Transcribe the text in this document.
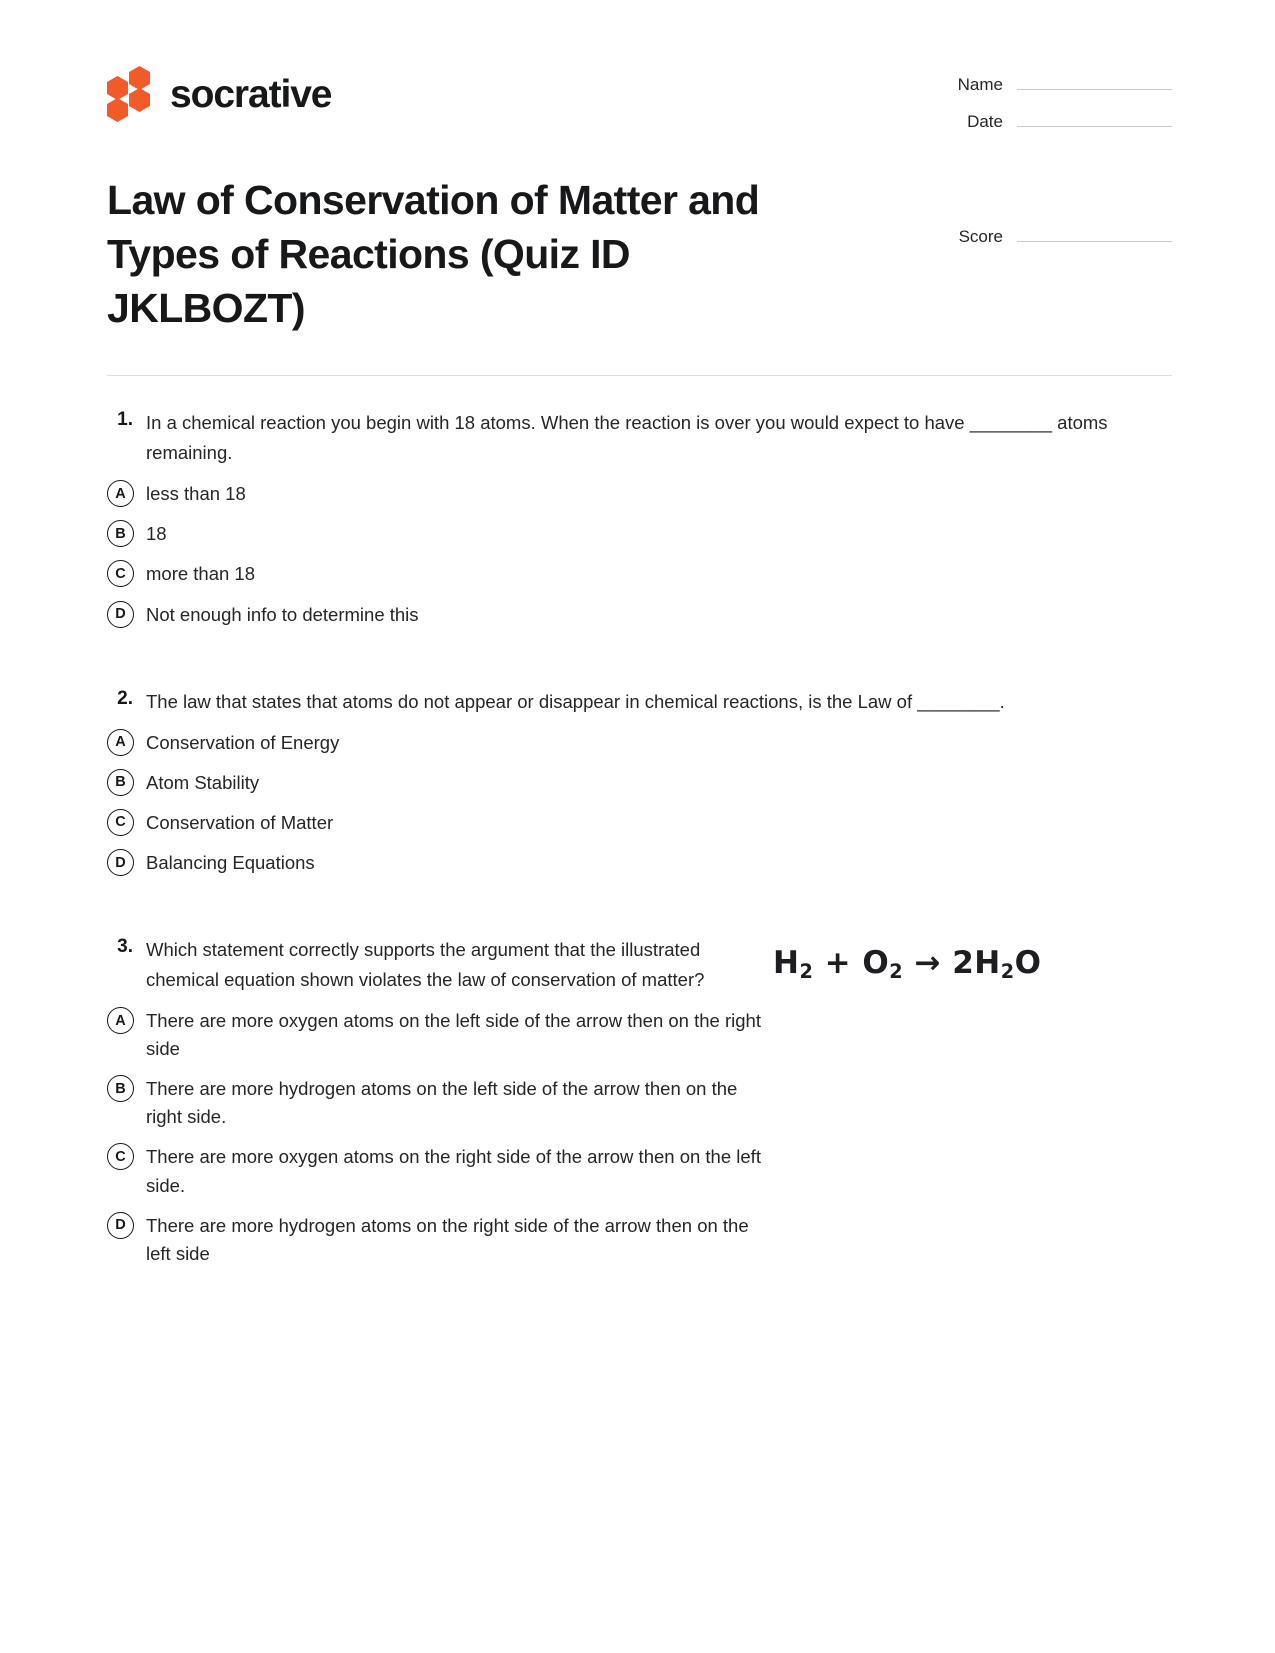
socrative	Name
Date
Score
Law of Conservation of Matter and Types of Reactions (Quiz ID JKLBOZT)
1. In a chemical reaction you begin with 18 atoms. When the reaction is over you would expect to have ________ atoms remaining.
A	less than 18
B	18
C	more than 18
D	Not enough info to determine this
2. The law that states that atoms do not appear or disappear in chemical reactions, is the Law of ________.
A	Conservation of Energy
B	Atom Stability
C	Conservation of Matter
D	Balancing Equations
3. Which statement correctly supports the argument that the illustrated chemical equation shown violates the law of conservation of matter? $H_2 + O_2 \to 2H_2O$
A	There are more oxygen atoms on the left side of the arrow then on the right side
B	There are more hydrogen atoms on the left side of the arrow then on the right side.
C	There are more oxygen atoms on the right side of the arrow then on the left side.
D	There are more hydrogen atoms on the right side of the arrow then on the left side
